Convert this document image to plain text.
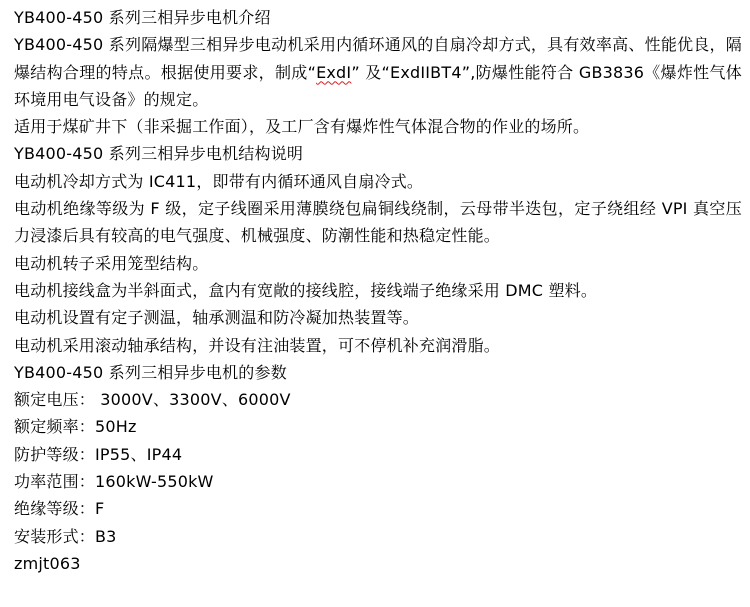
YB400-450 系列三相异步电机介绍
YB400-450 系列隔爆型三相异步电动机采用内循环通风的自扇冷却方式，具有效率高、性能优良，隔爆结构合理的特点。根据使用要求，制成“ExdI” 及“ExdIIBT4”,防爆性能符合 GB3836《爆炸性气体环境用电气设备》的规定。
适用于煤矿井下（非采掘工作面），及工厂含有爆炸性气体混合物的作业的场所。
YB400-450 系列三相异步电机结构说明
电动机冷却方式为 IC411，即带有内循环通风自扇冷式。
电动机绝缘等级为 F 级，定子线圈采用薄膜绕包扁铜线绕制，云母带半迭包，定子绕组经 VPI 真空压力浸漆后具有较高的电气强度、机械强度、防潮性能和热稳定性能。
电动机转子采用笼型结构。
电动机接线盒为半斜面式，盒内有宽敞的接线腔，接线端子绝缘采用 DMC 塑料。
电动机设置有定子测温，轴承测温和防冷凝加热装置等。
电动机采用滚动轴承结构，并设有注油装置，可不停机补充润滑脂。
YB400-450 系列三相异步电机的参数
额定电压： 3000V、3300V、6000V
额定频率：50Hz
防护等级：IP55、IP44
功率范围：160kW-550kW
绝缘等级：F
安装形式：B3
zmjt063
